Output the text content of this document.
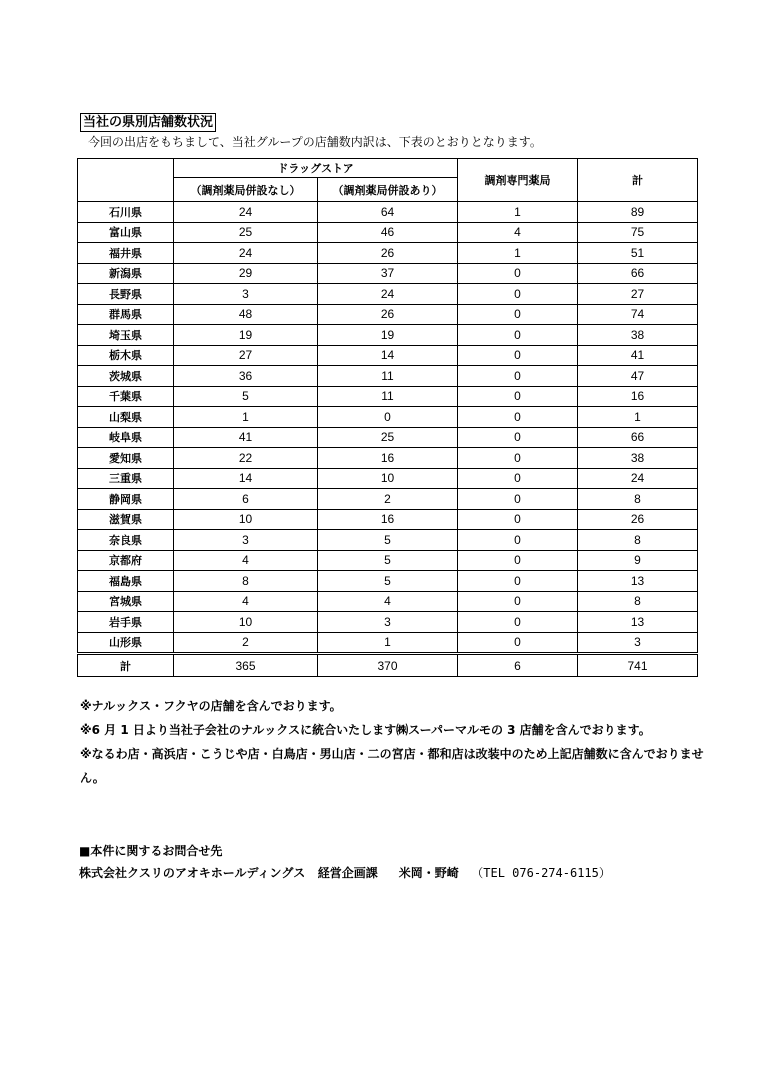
当社の県別店舗数状況
今回の出店をもちまして、当社グループの店舗数内訳は、下表のとおりとなります。
	ドラッグストア		調剤専門薬局	計
	（調剤薬局併設なし）	（調剤薬局併設あり）		
石川県	24	64	1	89
富山県	25	46	4	75
福井県	24	26	1	51
新潟県	29	37	0	66
長野県	3	24	0	27
群馬県	48	26	0	74
埼玉県	19	19	0	38
栃木県	27	14	0	41
茨城県	36	11	0	47
千葉県	5	11	0	16
山梨県	1	0	0	1
岐阜県	41	25	0	66
愛知県	22	16	0	38
三重県	14	10	0	24
静岡県	6	2	0	8
滋賀県	10	16	0	26
奈良県	3	5	0	8
京都府	4	5	0	9
福島県	8	5	0	13
宮城県	4	4	0	8
岩手県	10	3	0	13
山形県	2	1	0	3
計	365	370	6	741
※ナルックス・フクヤの店舗を含んでおります。
※6 月 1 日より当社子会社のナルックスに統合いたします㈱スーパーマルモの 3 店舗を含んでおります。
※なるわ店・高浜店・こうじや店・白鳥店・男山店・二の宮店・都和店は改装中のため上記店舗数に含んでおりません。
■本件に関するお問合せ先
株式会社クスリのアオキホールディングス 経営企画課 米岡・野崎 （TEL 076-274-6115）
